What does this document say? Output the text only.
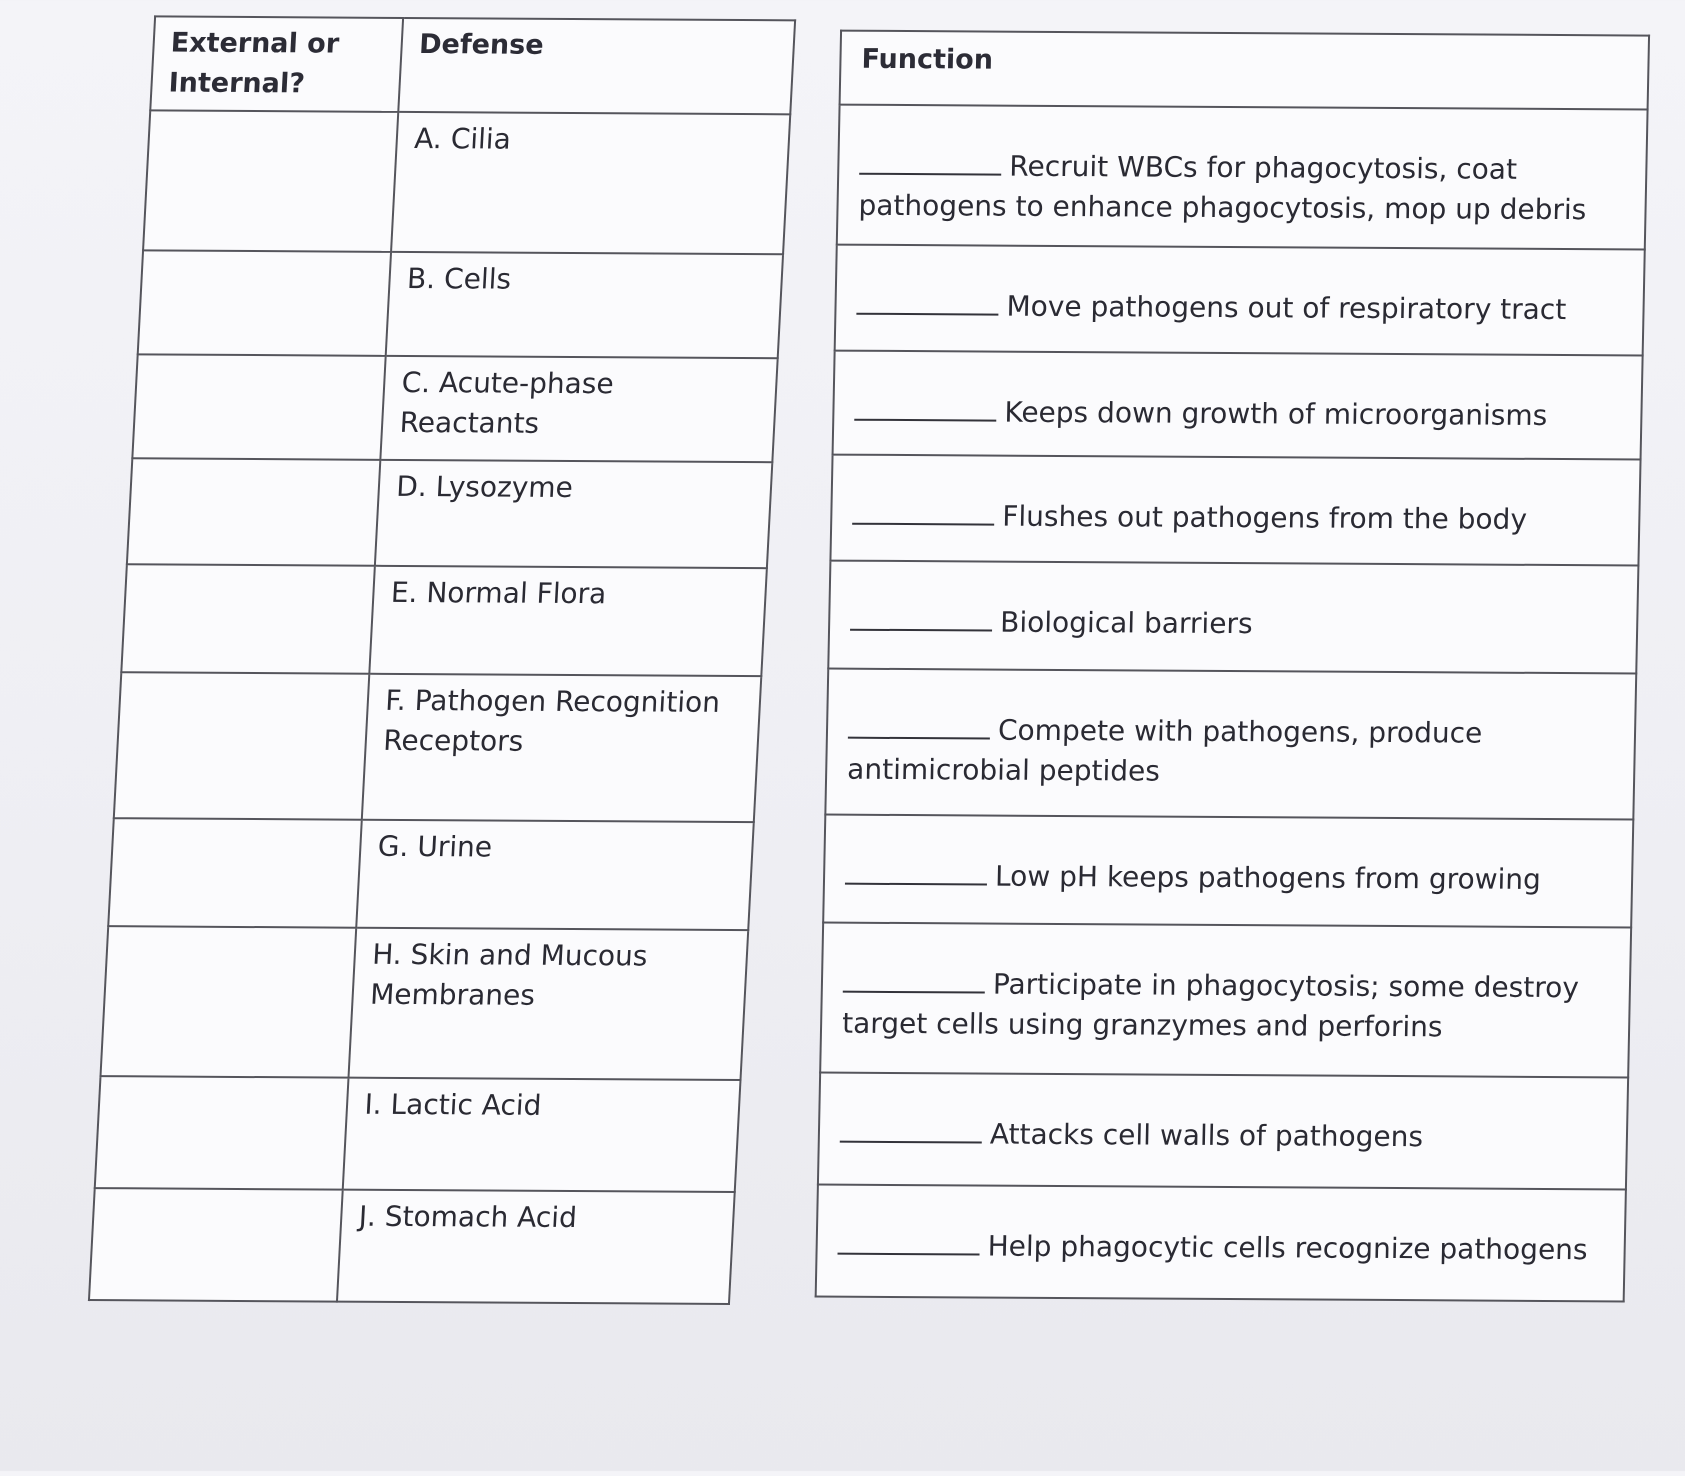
External or Internal?	Defense
	A. Cilia
	B. Cells
	C. Acute-phase Reactants
	D. Lysozyme
	E. Normal Flora
	F. Pathogen Recognition Receptors
	G. Urine
	H. Skin and Mucous Membranes
	I. Lactic Acid
	J. Stomach Acid
Function

Recruit WBCs for phagocytosis, coat pathogens to enhance phagocytosis, mop up debris

Move pathogens out of respiratory tract

Keeps down growth of microorganisms

Flushes out pathogens from the body

Biological barriers

Compete with pathogens, produce antimicrobial peptides

Low pH keeps pathogens from growing

Participate in phagocytosis; some destroy target cells using granzymes and perforins

Attacks cell walls of pathogens

Help phagocytic cells recognize pathogens
